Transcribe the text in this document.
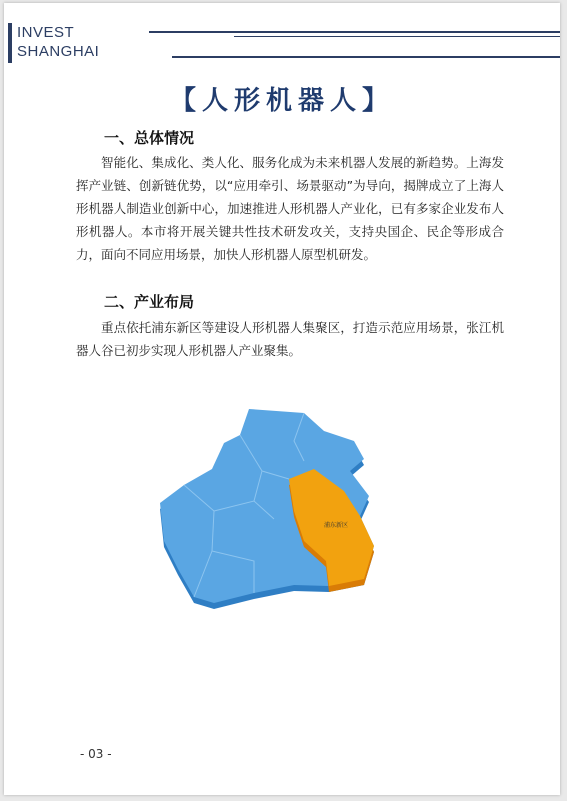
INVEST
SHANGHAI
【人形机器人】
一、总体情况
智能化、集成化、类人化、服务化成为未来机器人发展的新趋势。上海发挥产业链、创新链优势，以“应用牵引、场景驱动”为导向，揭牌成立了上海人形机器人制造业创新中心，加速推进人形机器人产业化，已有多家企业发布人形机器人。本市将开展关键共性技术研发攻关，支持央国企、民企等形成合力，面向不同应用场景，加快人形机器人原型机研发。
二、产业布局
重点依托浦东新区等建设人形机器人集聚区，打造示范应用场景，张江机器人谷已初步实现人形机器人产业聚集。
浦东新区
- 03 -
